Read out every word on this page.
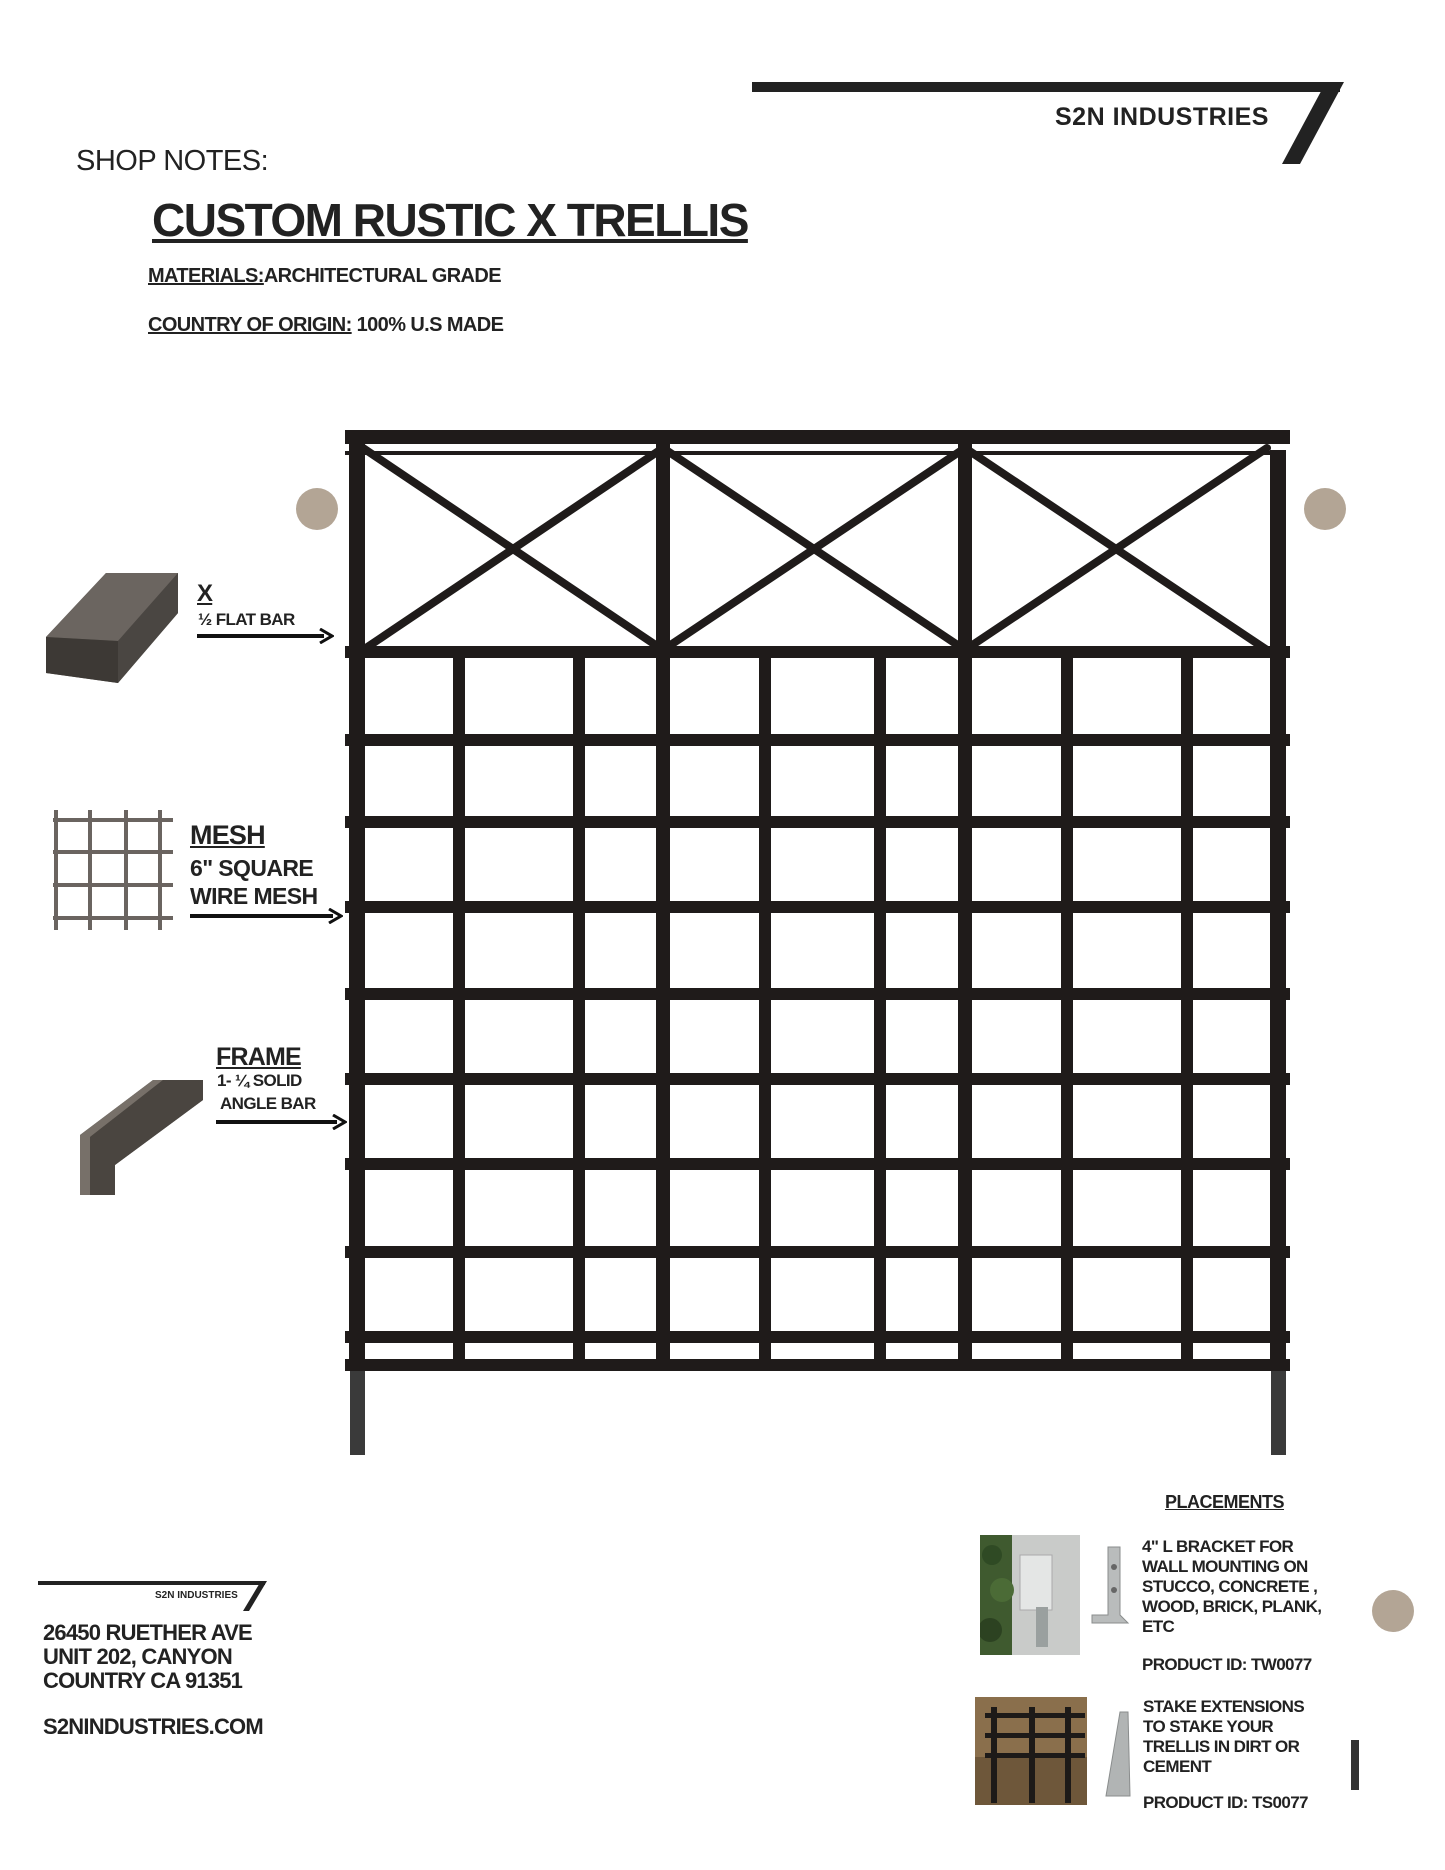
S2N INDUSTRIES
SHOP NOTES:
CUSTOM RUSTIC X TRELLIS
MATERIALS:ARCHITECTURAL GRADE
COUNTRY OF ORIGIN: 100% U.S MADE
X
½ FLAT BAR
MESH
6" SQUARE
WIRE MESH
FRAME
1- ¼ SOLID
ANGLE BAR
PLACEMENTS
4" L BRACKET FOR
WALL MOUNTING ON
STUCCO, CONCRETE ,
WOOD, BRICK, PLANK,
ETC
PRODUCT ID: TW0077
STAKE EXTENSIONS
TO STAKE YOUR
TRELLIS IN DIRT OR
CEMENT
PRODUCT ID: TS0077
S2N INDUSTRIES
26450 RUETHER AVE
UNIT 202, CANYON
COUNTRY CA 91351
S2NINDUSTRIES.COM
